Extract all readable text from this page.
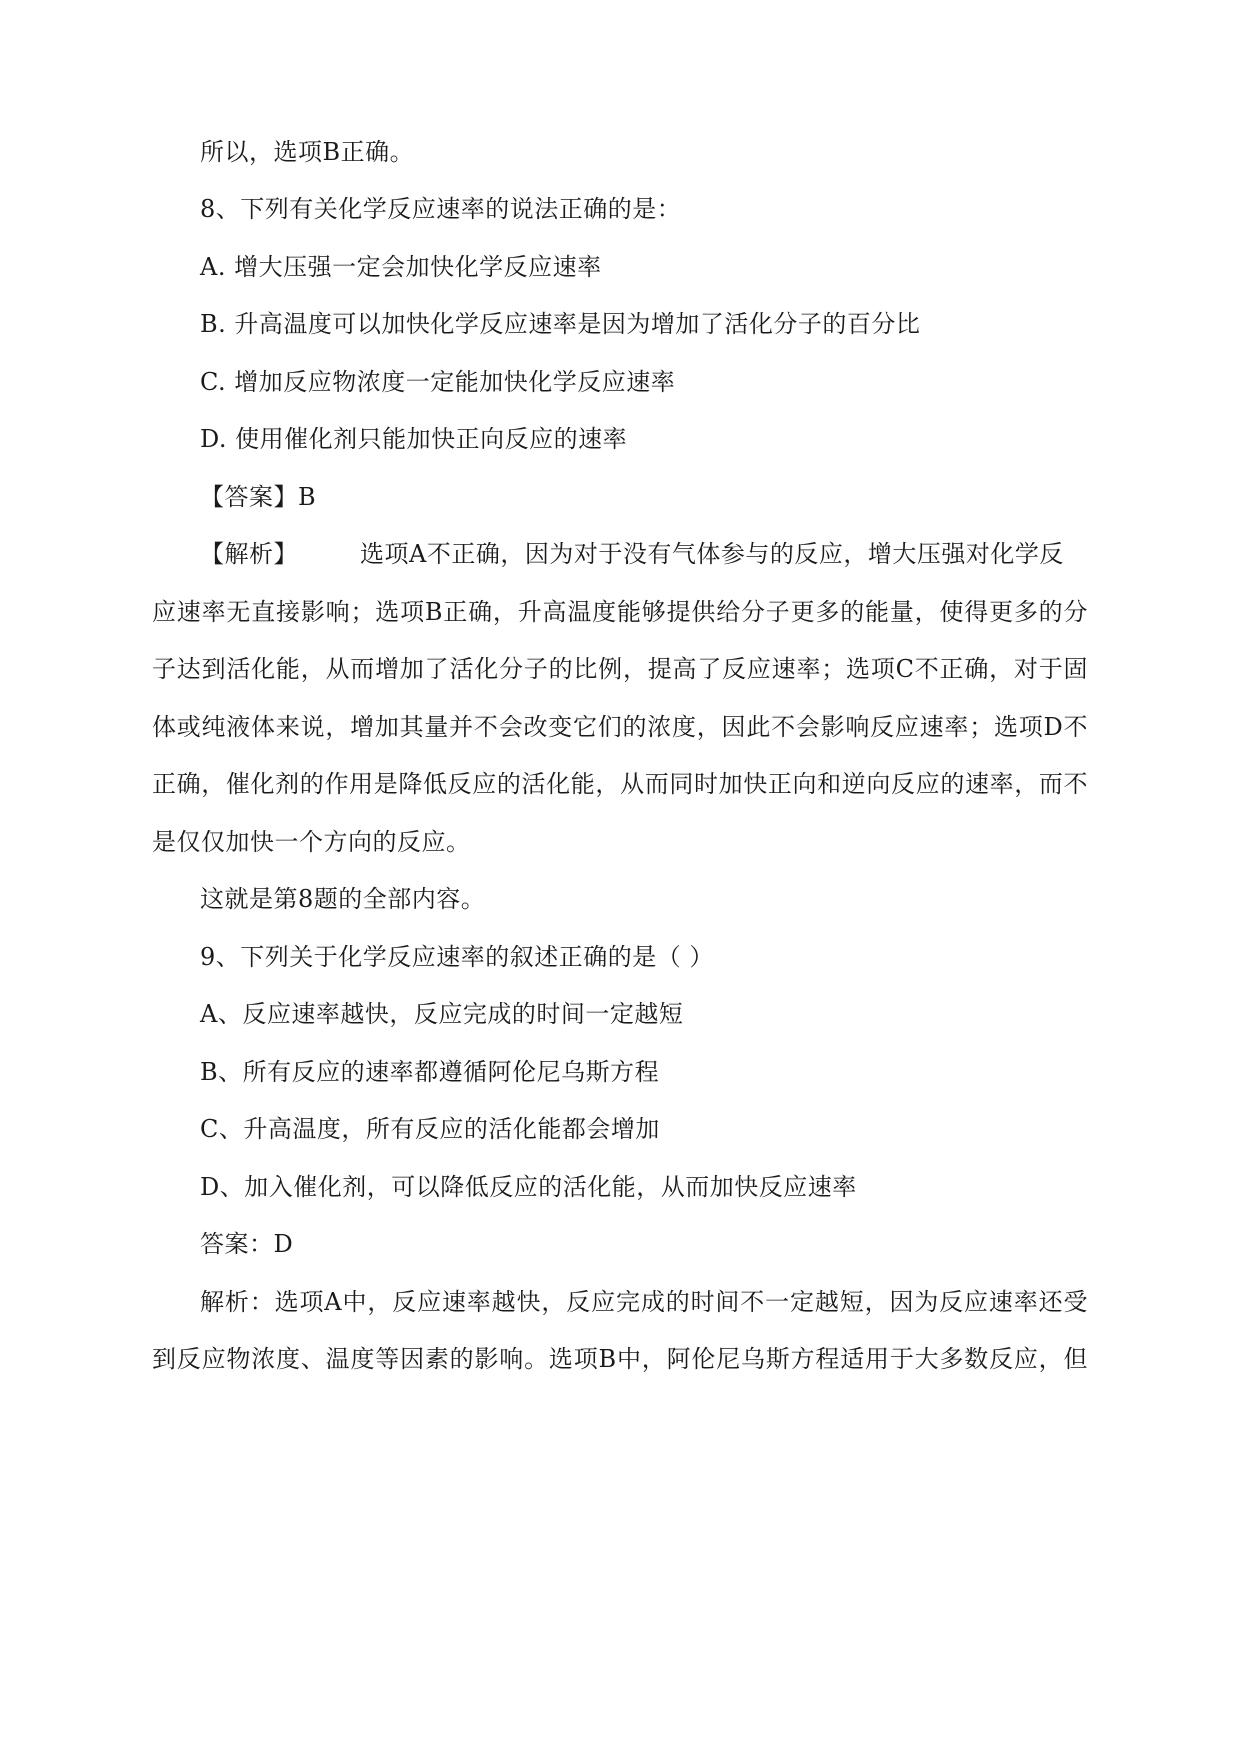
所以，选项B正确。
8、下列有关化学反应速率的说法正确的是：
A. 增大压强一定会加快化学反应速率
B. 升高温度可以加快化学反应速率是因为增加了活化分子的百分比
C. 增加反应物浓度一定能加快化学反应速率
D. 使用催化剂只能加快正向反应的速率
【答案】B
【解析】	选项A不正确，因为对于没有气体参与的反应，增大压强对化学反
应速率无直接影响；选项B正确，升高温度能够提供给分子更多的能量，使得更多的分
子达到活化能，从而增加了活化分子的比例，提高了反应速率；选项C不正确，对于固
体或纯液体来说，增加其量并不会改变它们的浓度，因此不会影响反应速率；选项D不
正确，催化剂的作用是降低反应的活化能，从而同时加快正向和逆向反应的速率，而不
是仅仅加快一个方向的反应。
这就是第8题的全部内容。
9、下列关于化学反应速率的叙述正确的是（ ）
A、反应速率越快，反应完成的时间一定越短
B、所有反应的速率都遵循阿伦尼乌斯方程
C、升高温度，所有反应的活化能都会增加
D、加入催化剂，可以降低反应的活化能，从而加快反应速率
答案：D
解析：选项A中，反应速率越快，反应完成的时间不一定越短，因为反应速率还受
到反应物浓度、温度等因素的影响。选项B中，阿伦尼乌斯方程适用于大多数反应，但
